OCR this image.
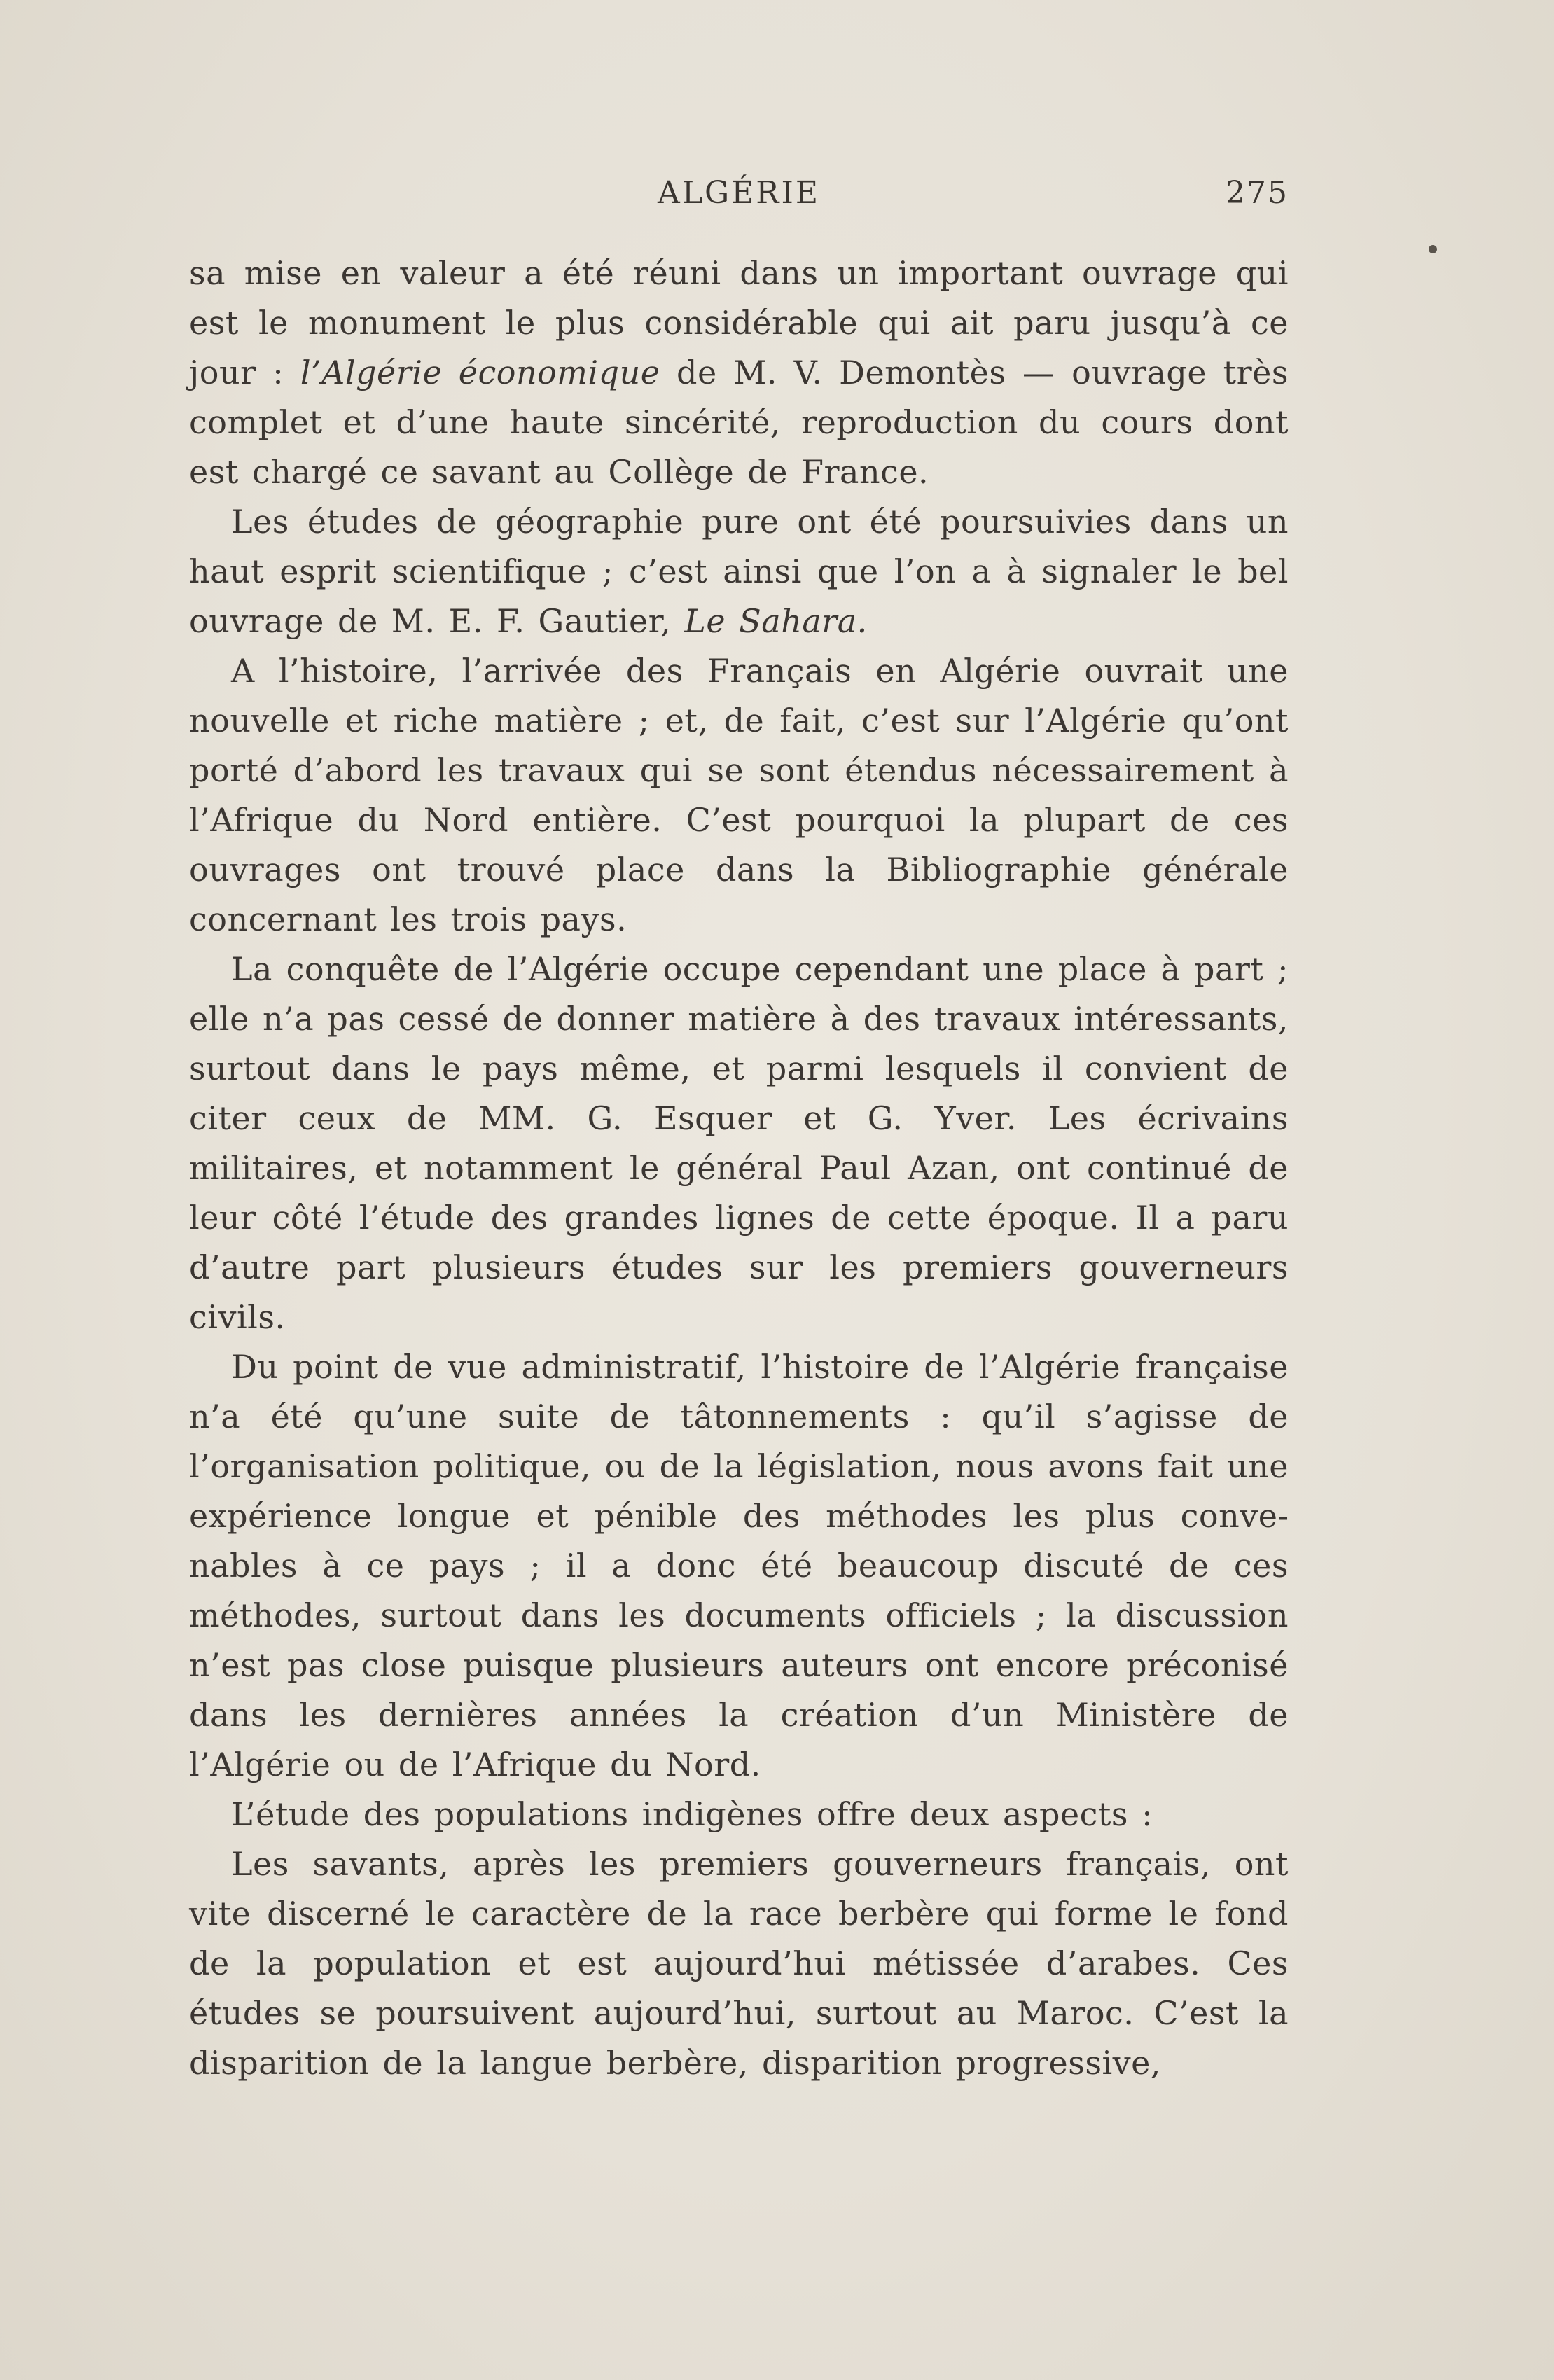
ALGÉRIE	275

sa mise en valeur a été réuni dans un important ouvrage qui est le monument le plus considérable qui ait paru jusqu’à ce jour : l’Algérie économique de M. V. Demontès — ouvrage très complet et d’une haute sincérité, reproduction du cours dont est chargé ce savant au Collège de France.

Les études de géographie pure ont été poursuivies dans un haut esprit scientifique ; c’est ainsi que l’on a à signaler le bel ouvrage de M. E. F. Gautier, Le Sahara.

A l’histoire, l’arrivée des Français en Algérie ouvrait une nouvelle et riche matière ; et, de fait, c’est sur l’Algérie qu’ont porté d’abord les travaux qui se sont étendus nécessairement à l’Afrique du Nord entière. C’est pourquoi la plupart de ces ouvrages ont trouvé place dans la Bibliographie générale concernant les trois pays.

La conquête de l’Algérie occupe cependant une place à part ; elle n’a pas cessé de donner matière à des travaux intéressants, surtout dans le pays même, et parmi lesquels il convient de citer ceux de MM. G. Esquer et G. Yver. Les écrivains militaires, et notamment le général Paul Azan, ont continué de leur côté l’étude des grandes lignes de cette époque. Il a paru d’autre part plusieurs études sur les premiers gouverneurs civils.

Du point de vue administratif, l’histoire de l’Algérie française n’a été qu’une suite de tâtonnements : qu’il s’agisse de l’organisation politique, ou de la législation, nous avons fait une expérience longue et pénible des méthodes les plus convenables à ce pays ; il a donc été beaucoup discuté de ces méthodes, surtout dans les documents officiels ; la discussion n’est pas close puisque plusieurs auteurs ont encore préconisé dans les dernières années la création d’un Ministère de l’Algérie ou de l’Afrique du Nord.

L’étude des populations indigènes offre deux aspects :

Les savants, après les premiers gouverneurs français, ont vite discerné le caractère de la race berbère qui forme le fond de la population et est aujourd’hui métissée d’arabes. Ces études se poursuivent aujourd’hui, surtout au Maroc. C’est la disparition de la langue berbère, disparition progressive,
